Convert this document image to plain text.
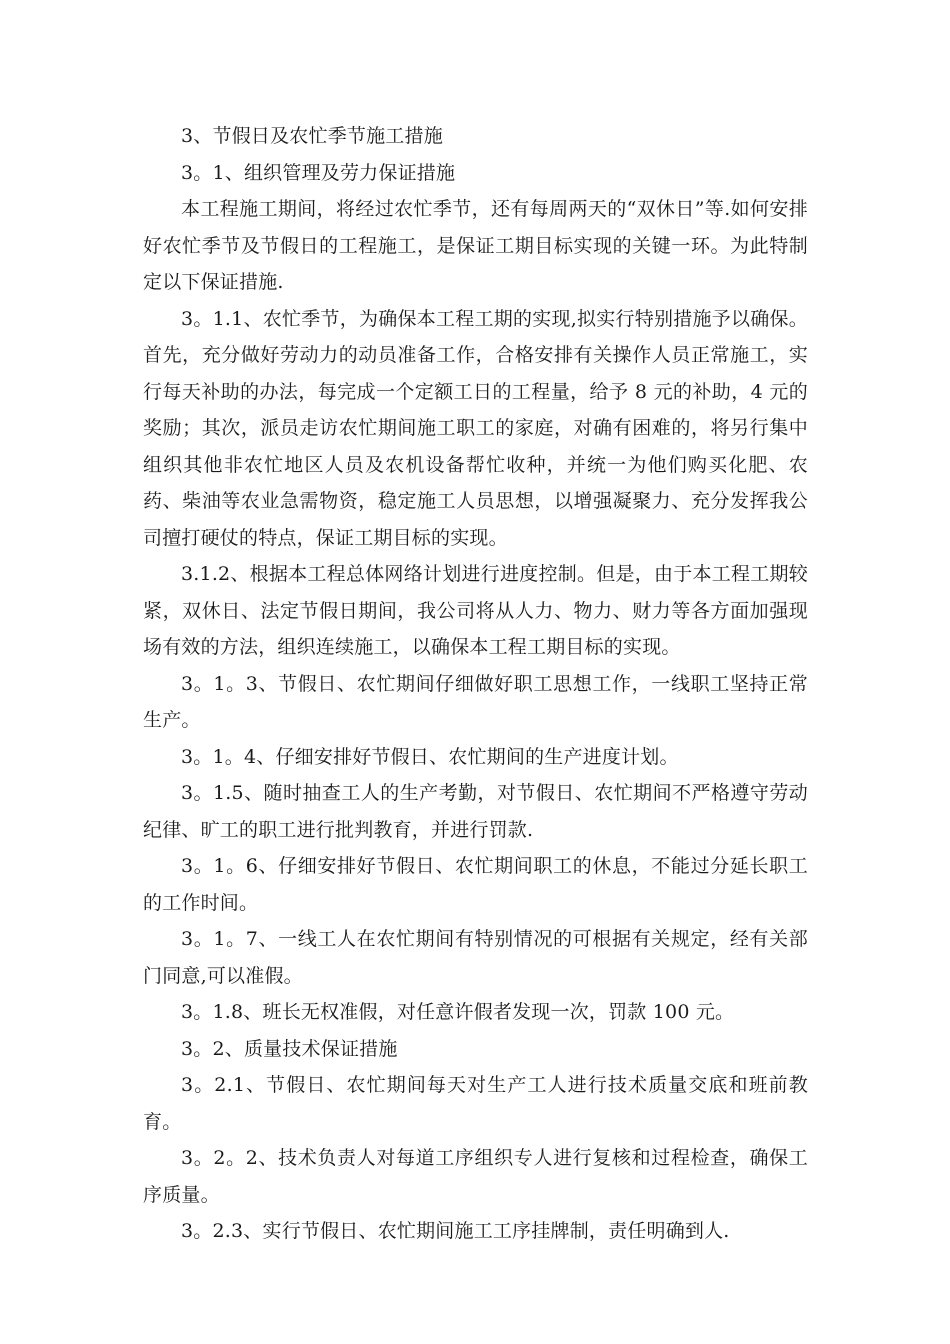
3、节假日及农忙季节施工措施

3。1、组织管理及劳力保证措施

本工程施工期间，将经过农忙季节，还有每周两天的“双休日”等.如何安排好农忙季节及节假日的工程施工，是保证工期目标实现的关键一环。为此特制定以下保证措施.

3。1.1、农忙季节，为确保本工程工期的实现,拟实行特别措施予以确保。首先，充分做好劳动力的动员准备工作，合格安排有关操作人员正常施工，实行每天补助的办法，每完成一个定额工日的工程量，给予 8 元的补助，4 元的奖励；其次，派员走访农忙期间施工职工的家庭，对确有困难的，将另行集中组织其他非农忙地区人员及农机设备帮忙收种，并统一为他们购买化肥、农药、柴油等农业急需物资，稳定施工人员思想，以增强凝聚力、充分发挥我公司擅打硬仗的特点，保证工期目标的实现。

3.1.2、根据本工程总体网络计划进行进度控制。但是，由于本工程工期较紧，双休日、法定节假日期间，我公司将从人力、物力、财力等各方面加强现场有效的方法，组织连续施工，以确保本工程工期目标的实现。

3。1。3、节假日、农忙期间仔细做好职工思想工作，一线职工坚持正常生产。

3。1。4、仔细安排好节假日、农忙期间的生产进度计划。

3。1.5、随时抽查工人的生产考勤，对节假日、农忙期间不严格遵守劳动纪律、旷工的职工进行批判教育，并进行罚款.

3。1。6、仔细安排好节假日、农忙期间职工的休息，不能过分延长职工的工作时间。

3。1。7、一线工人在农忙期间有特别情况的可根据有关规定，经有关部门同意,可以准假。

3。1.8、班长无权准假，对任意许假者发现一次，罚款 100 元。

3。2、质量技术保证措施

3。2.1、节假日、农忙期间每天对生产工人进行技术质量交底和班前教育。

3。2。2、技术负责人对每道工序组织专人进行复核和过程检查，确保工序质量。

3。2.3、实行节假日、农忙期间施工工序挂牌制，责任明确到人.
